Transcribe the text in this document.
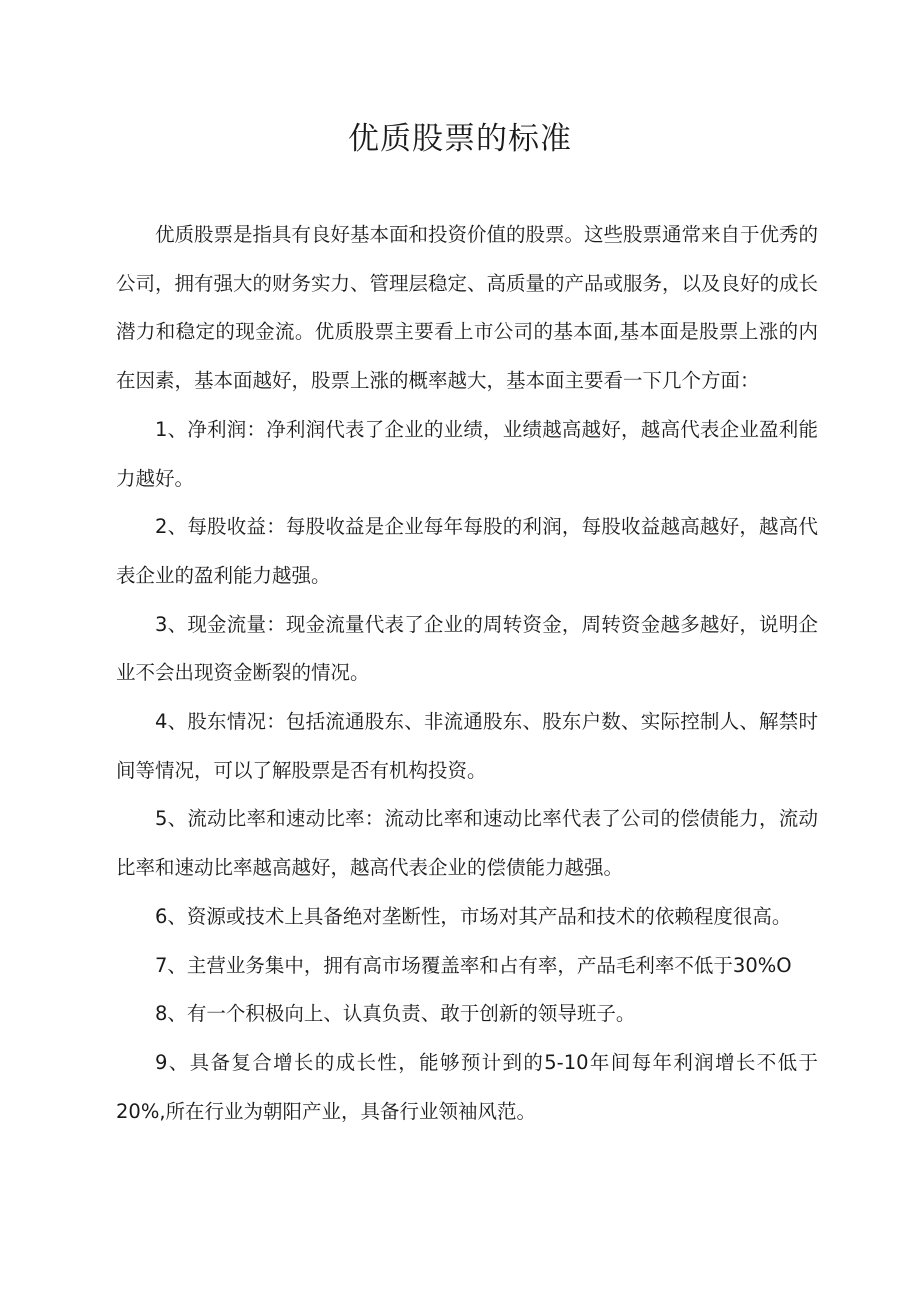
优质股票的标准

优质股票是指具有良好基本面和投资价值的股票。这些股票通常来自于优秀的公司，拥有强大的财务实力、管理层稳定、高质量的产品或服务，以及良好的成长潜力和稳定的现金流。优质股票主要看上市公司的基本面,基本面是股票上涨的内在因素，基本面越好，股票上涨的概率越大，基本面主要看一下几个方面：

1、净利润：净利润代表了企业的业绩，业绩越高越好，越高代表企业盈利能力越好。

2、每股收益：每股收益是企业每年每股的利润，每股收益越高越好，越高代表企业的盈利能力越强。

3、现金流量：现金流量代表了企业的周转资金，周转资金越多越好，说明企业不会出现资金断裂的情况。

4、股东情况：包括流通股东、非流通股东、股东户数、实际控制人、解禁时间等情况，可以了解股票是否有机构投资。

5、流动比率和速动比率：流动比率和速动比率代表了公司的偿债能力，流动比率和速动比率越高越好，越高代表企业的偿债能力越强。

6、资源或技术上具备绝对垄断性，市场对其产品和技术的依赖程度很高。

7、主营业务集中，拥有高市场覆盖率和占有率，产品毛利率不低于30%O

8、有一个积极向上、认真负责、敢于创新的领导班子。

9、具备复合增长的成长性，能够预计到的5-10年间每年利润增长不低于20%,所在行业为朝阳产业，具备行业领袖风范。
